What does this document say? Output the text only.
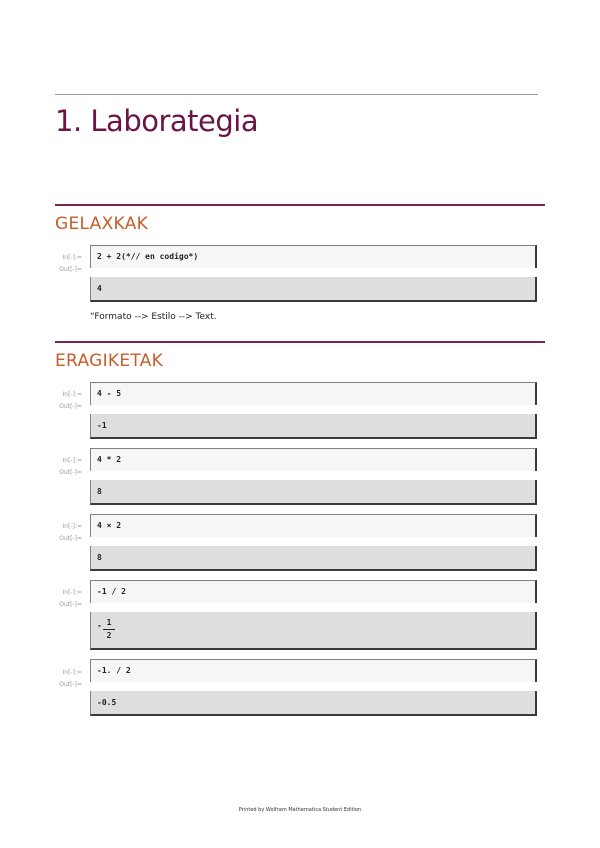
1. Laborategia
GELAXKAK
In[-]:=
Out[-]=
2 + 2(*// en codigo*)
4
“Formato --> Estilo --> Text.
ERAGIKETAK
In[-]:=
Out[-]=
4 - 5
-1
In[-]:=
Out[-]=
4 * 2
8
In[-]:=
Out[-]=
4 × 2
8
In[-]:=
Out[-]=
-1 / 2
- 1
2
In[-]:=
Out[-]=
-1. / 2
-0.5
Printed by Wolfram Mathematica Student Edition
